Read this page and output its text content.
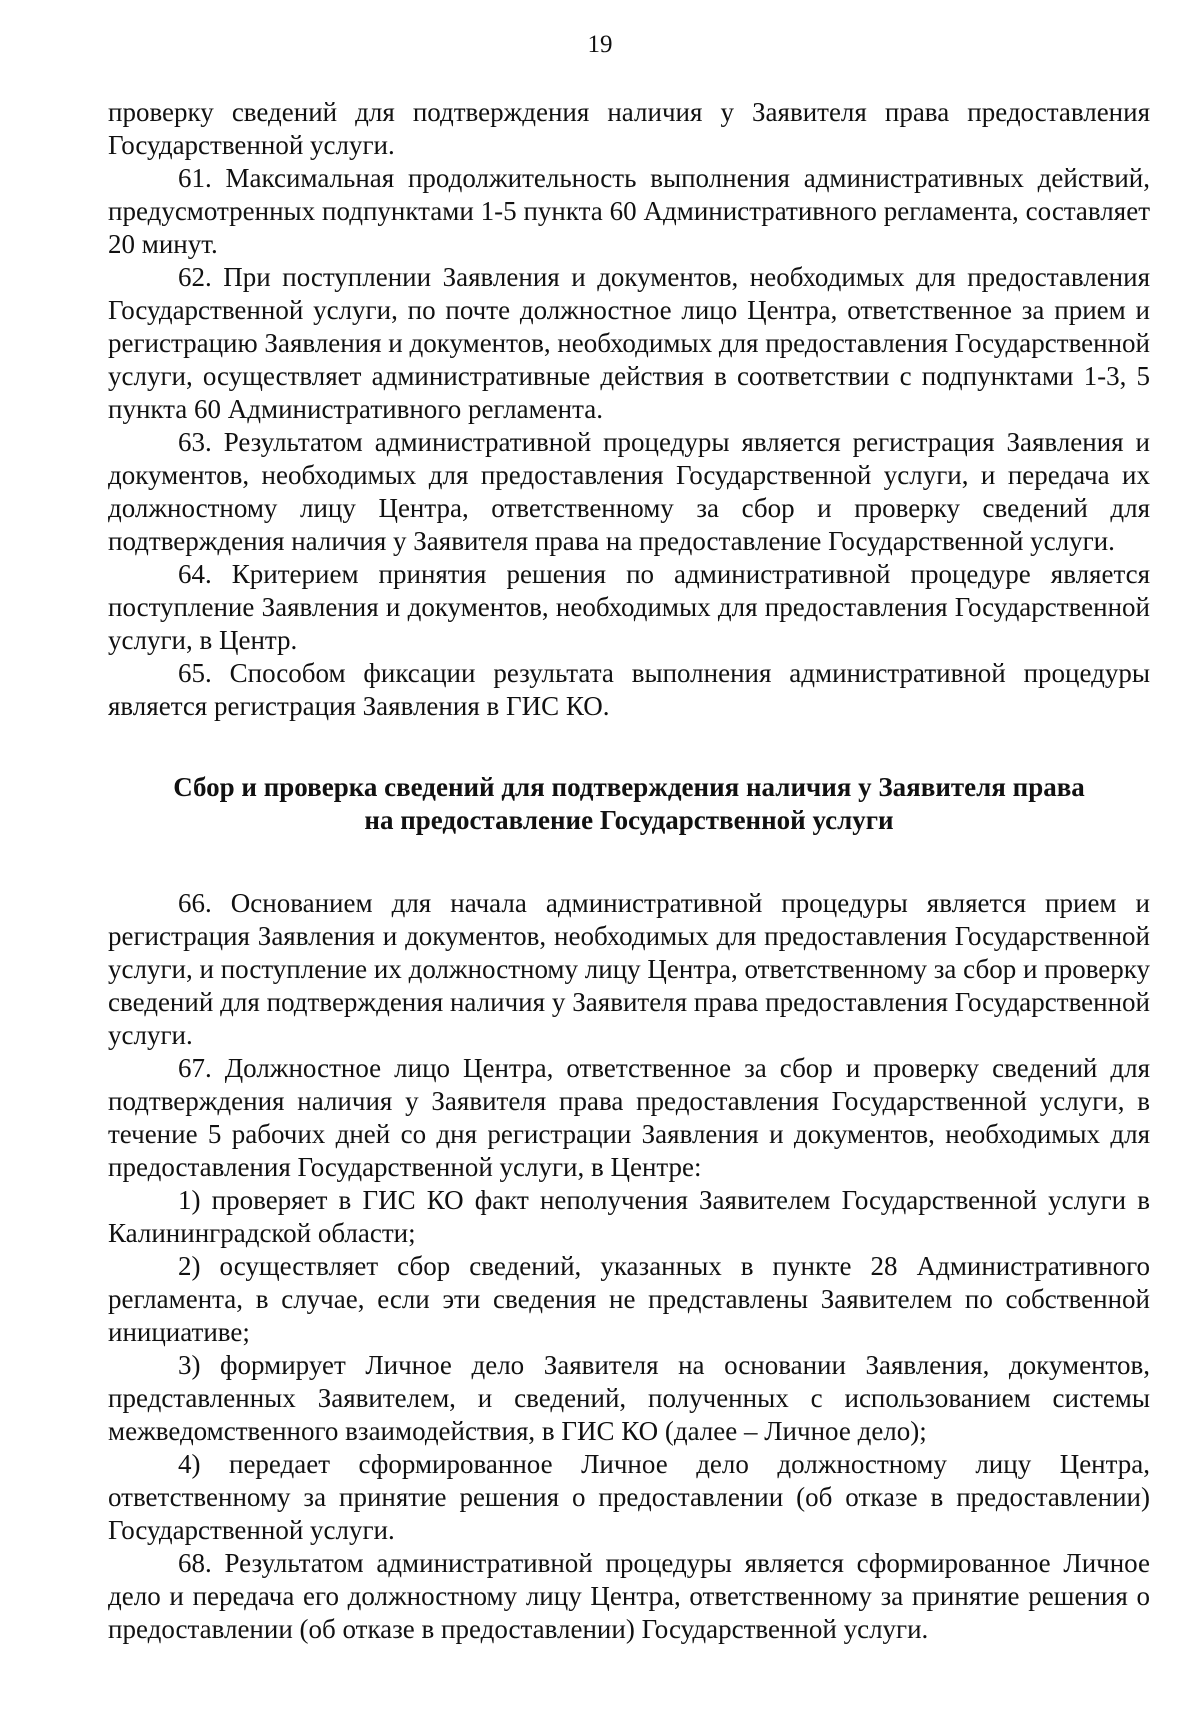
19

проверку сведений для подтверждения наличия у Заявителя права предоставления Государственной услуги.

61. Максимальная продолжительность выполнения административных действий, предусмотренных подпунктами 1-5 пункта 60 Административного регламента, составляет 20 минут.

62. При поступлении Заявления и документов, необходимых для предоставления Государственной услуги, по почте должностное лицо Центра, ответственное за прием и регистрацию Заявления и документов, необходимых для предоставления Государственной услуги, осуществляет административные действия в соответствии с подпунктами 1-3, 5 пункта 60 Административного регламента.

63. Результатом административной процедуры является регистрация Заявления и документов, необходимых для предоставления Государственной услуги, и передача их должностному лицу Центра, ответственному за сбор и проверку сведений для подтверждения наличия у Заявителя права на предоставление Государственной услуги.

64. Критерием принятия решения по административной процедуре является поступление Заявления и документов, необходимых для предоставления Государственной услуги, в Центр.

65. Способом фиксации результата выполнения административной процедуры является регистрация Заявления в ГИС КО.

Сбор и проверка сведений для подтверждения наличия у Заявителя права
на предоставление Государственной услуги

66. Основанием для начала административной процедуры является прием и регистрация Заявления и документов, необходимых для предоставления Государственной услуги, и поступление их должностному лицу Центра, ответственному за сбор и проверку сведений для подтверждения наличия у Заявителя права предоставления Государственной услуги.

67. Должностное лицо Центра, ответственное за сбор и проверку сведений для подтверждения наличия у Заявителя права предоставления Государственной услуги, в течение 5 рабочих дней со дня регистрации Заявления и документов, необходимых для предоставления Государственной услуги, в Центре:

1) проверяет в ГИС КО факт неполучения Заявителем Государственной услуги в Калининградской области;

2) осуществляет сбор сведений, указанных в пункте 28 Административного регламента, в случае, если эти сведения не представлены Заявителем по собственной инициативе;

3) формирует Личное дело Заявителя на основании Заявления, документов, представленных Заявителем, и сведений, полученных с использованием системы межведомственного взаимодействия, в ГИС КО (далее – Личное дело);

4) передает сформированное Личное дело должностному лицу Центра, ответственному за принятие решения о предоставлении (об отказе в предоставлении) Государственной услуги.

68. Результатом административной процедуры является сформированное Личное дело и передача его должностному лицу Центра, ответственному за принятие решения о предоставлении (об отказе в предоставлении) Государственной услуги.
